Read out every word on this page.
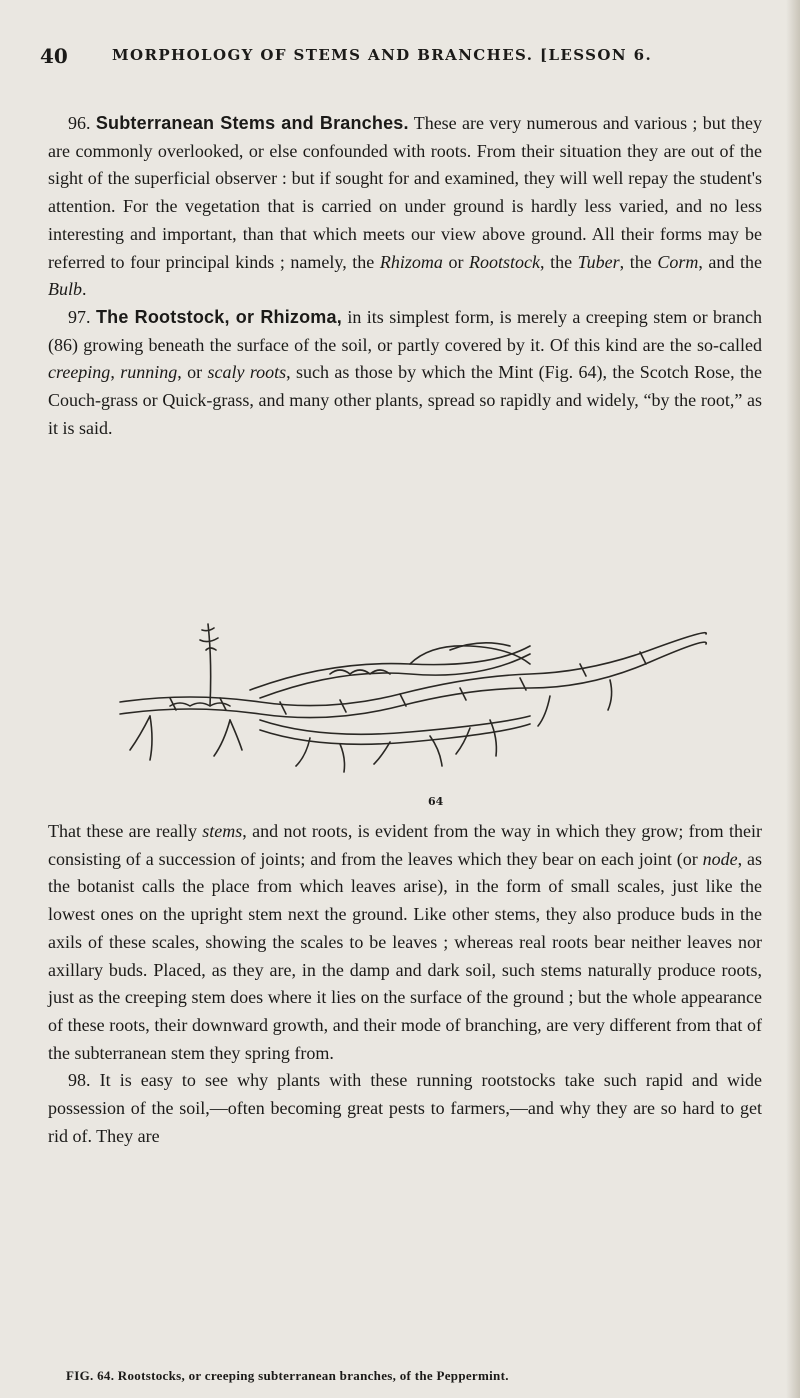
40	MORPHOLOGY OF STEMS AND BRANCHES. [LESSON 6.

96. Subterranean Stems and Branches. These are very numerous and various ; but they are commonly overlooked, or else confounded with roots. From their situation they are out of the sight of the superficial observer : but if sought for and examined, they will well repay the student's attention. For the vegetation that is carried on under ground is hardly less varied, and no less interesting and important, than that which meets our view above ground. All their forms may be referred to four principal kinds ; namely, the Rhizoma or Rootstock, the Tuber, the Corm, and the Bulb.

97. The Rootstock, or Rhizoma, in its simplest form, is merely a creeping stem or branch (86) growing beneath the surface of the soil, or partly covered by it. Of this kind are the so-called creeping, running, or scaly roots, such as those by which the Mint (Fig. 64), the Scotch Rose, the Couch-grass or Quick-grass, and many other plants, spread so rapidly and widely, “by the root,” as it is said.

64

That these are really stems, and not roots, is evident from the way in which they grow; from their consisting of a succession of joints; and from the leaves which they bear on each joint (or node, as the botanist calls the place from which leaves arise), in the form of small scales, just like the lowest ones on the upright stem next the ground. Like other stems, they also produce buds in the axils of these scales, showing the scales to be leaves ; whereas real roots bear neither leaves nor axillary buds. Placed, as they are, in the damp and dark soil, such stems naturally produce roots, just as the creeping stem does where it lies on the surface of the ground ; but the whole appearance of these roots, their downward growth, and their mode of branching, are very different from that of the subterranean stem they spring from.

98. It is easy to see why plants with these running rootstocks take such rapid and wide possession of the soil,—often becoming great pests to farmers,—and why they are so hard to get rid of. They are

FIG. 64. Rootstocks, or creeping subterranean branches, of the Peppermint.
